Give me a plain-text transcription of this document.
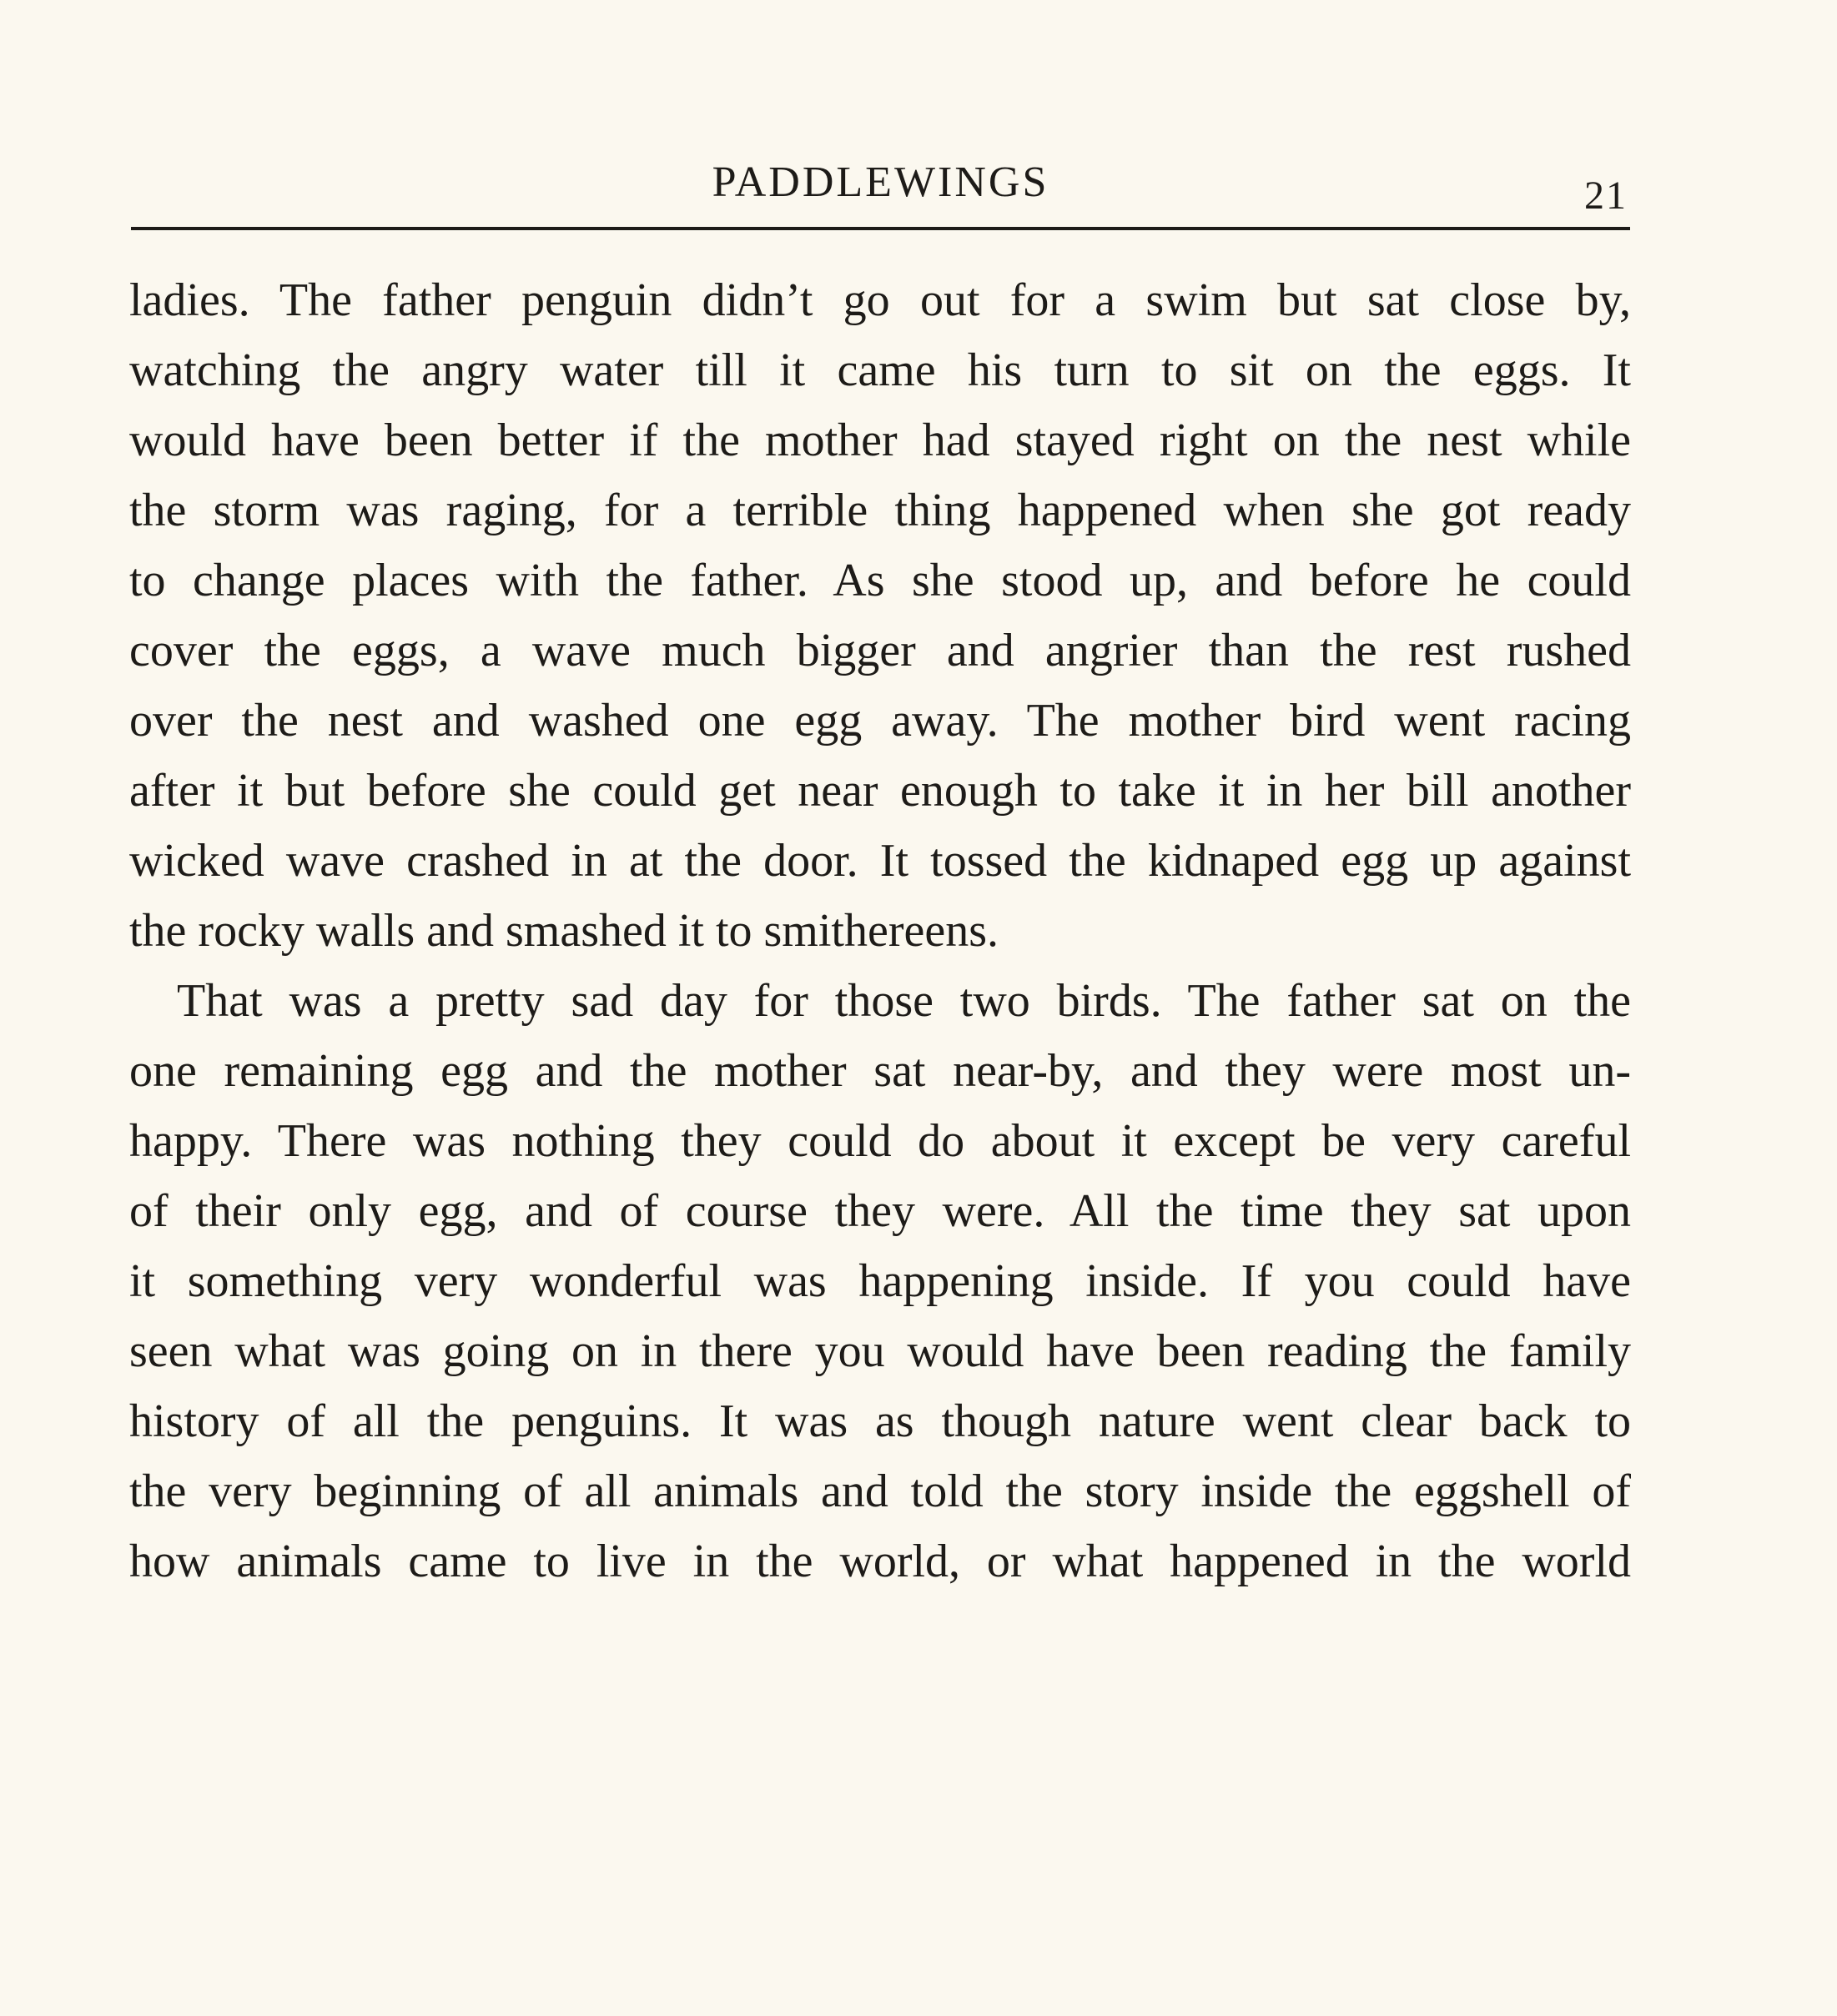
PADDLEWINGS	21
ladies. The father penguin didn’t go out for a swim but sat close by,
watching the angry water till it came his turn to sit on the eggs. It
would have been better if the mother had stayed right on the nest while
the storm was raging, for a terrible thing happened when she got ready
to change places with the father. As she stood up, and before he could
cover the eggs, a wave much bigger and angrier than the rest rushed
over the nest and washed one egg away. The mother bird went racing
after it but before she could get near enough to take it in her bill another
wicked wave crashed in at the door. It tossed the kidnaped egg up against
the rocky walls and smashed it to smithereens.
That was a pretty sad day for those two birds. The father sat on the
one remaining egg and the mother sat near-by, and they were most un-
happy. There was nothing they could do about it except be very careful
of their only egg, and of course they were. All the time they sat upon
it something very wonderful was happening inside. If you could have
seen what was going on in there you would have been reading the family
history of all the penguins. It was as though nature went clear back to
the very beginning of all animals and told the story inside the eggshell of
how animals came to live in the world, or what happened in the world
